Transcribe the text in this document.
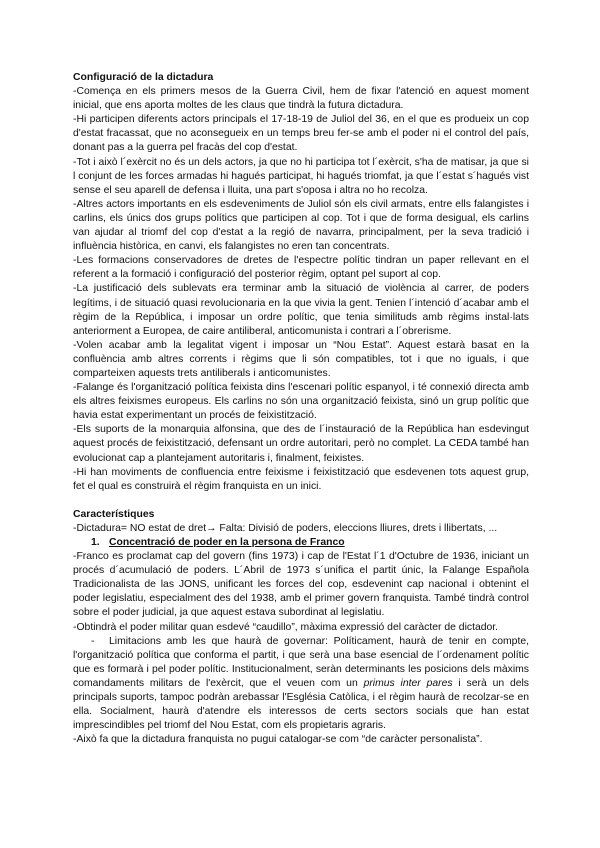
Configuració de la dictadura

-Comença en els primers mesos de la Guerra Civil, hem de fixar l'atenció en aquest moment inicial, que ens aporta moltes de les claus que tindrà la futura dictadura.

-Hi participen diferents actors principals el 17-18-19 de Juliol del 36, en el que es produeix un cop d'estat fracassat, que no aconsegueix en un temps breu fer-se amb el poder ni el control del país, donant pas a la guerra pel fracàs del cop d'estat.

-Tot i això l´exèrcit no és un dels actors, ja que no hi participa tot l´exèrcit, s'ha de matisar, ja que si l conjunt de les forces armadas hi hagués participat, hi hagués triomfat, ja que l´estat s´hagués vist sense el seu aparell de defensa i lluita, una part s'oposa i altra no ho recolza.

-Altres actors importants en els esdeveniments de Juliol són els civil armats, entre ells falangistes i carlins, els únics dos grups polítics que participen al cop. Tot i que de forma desigual, els carlins van ajudar al triomf del cop d'estat a la regió de navarra, principalment, per la seva tradició i influència històrica, en canvi, els falangistes no eren tan concentrats.

-Les formacions conservadores de dretes de l'espectre polític tindran un paper rellevant en el referent a la formació i configuració del posterior règim, optant pel suport al cop.

-La justificació dels sublevats era terminar amb la situació de violència al carrer, de poders legítims, i de situació quasi revolucionaria en la que vivia la gent. Tenien l´intenció d´acabar amb el règim de la República, i imposar un ordre polític, que tenia similituds amb règims instal·lats anteriorment a Europea, de caire antiliberal, anticomunista i contrari a l´obrerisme.

-Volen acabar amb la legalitat vigent i imposar un “Nou Estat”. Aquest estarà basat en la confluència amb altres corrents i règims que li són compatibles, tot i que no iguals, i que comparteixen aquests trets antiliberals i anticomunistes.

-Falange és l'organització política feixista dins l'escenari polític espanyol, i té connexió directa amb els altres feixismes europeus. Els carlins no són una organització feixista, sinó un grup polític que havia estat experimentant un procés de feixistització.

-Els suports de la monarquia alfonsina, que des de l´instauració de la República han esdevingut aquest procés de feixistització, defensant un ordre autoritari, però no complet. La CEDA també han evolucionat cap a plantejament autoritaris i, finalment, feixistes.

-Hi han moviments de confluencia entre feixisme i feixistització que esdevenen tots aquest grup, fet el qual es construirà el règim franquista en un inici.

Característiques

-Dictadura= NO estat de dret→ Falta: Divisió de poders, eleccions lliures, drets i llibertats, ...

1. Concentració de poder en la persona de Franco

-Franco es proclamat cap del govern (fins 1973) i cap de l'Estat l´1 d'Octubre de 1936, iniciant un procés d´acumulació de poders. L´Abril de 1973 s´unifica el partit únic, la Falange Española Tradicionalista de las JONS, unificant les forces del cop, esdevenint cap nacional i obtenint el poder legislatiu, especialment des del 1938, amb el primer govern franquista. També tindrà control sobre el poder judicial, ja que aquest estava subordinat al legislatiu.

-Obtindrà el poder militar quan esdevé “caudillo”, màxima expressió del caràcter de dictador.

- Limitacions amb les que haurà de governar: Políticament, haurà de tenir en compte, l'organització política que conforma el partit, i que serà una base esencial de l´ordenament polític que es formarà i pel poder polític. Institucionalment, seràn determinants les posicions dels màxims comandaments militars de l'exèrcit, que el veuen com un primus inter pares i serà un dels principals suports, tampoc podràn arebassar l'Església Catòlica, i el règim haurà de recolzar-se en ella. Socialment, haurà d'atendre els interessos de certs sectors socials que han estat imprescindibles pel triomf del Nou Estat, com els propietaris agraris.

-Això fa que la dictadura franquista no pugui catalogar-se com “de caràcter personalista”.
